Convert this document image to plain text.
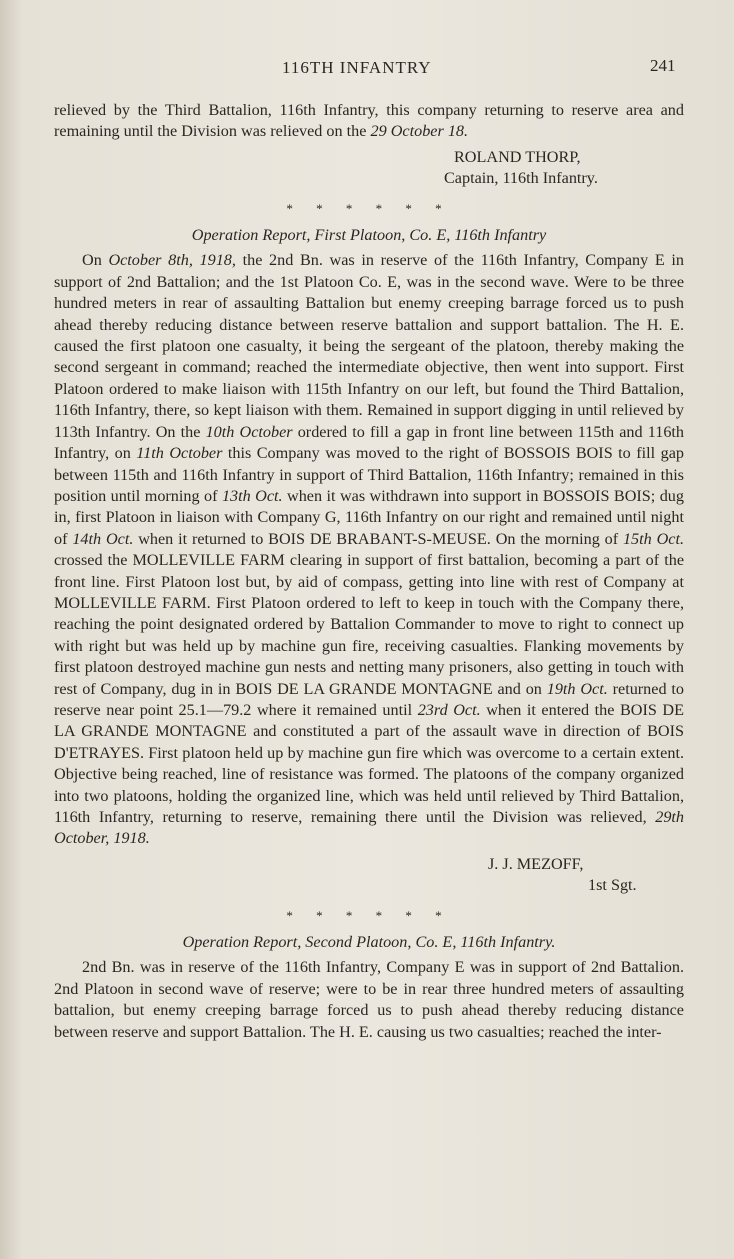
116TH INFANTRY	241

relieved by the Third Battalion, 116th Infantry, this company returning to reserve area and remaining until the Division was relieved on the 29 October 18.

ROLAND THORP,

Captain, 116th Infantry.

* * * * * *

Operation Report, First Platoon, Co. E, 116th Infantry

On October 8th, 1918, the 2nd Bn. was in reserve of the 116th Infantry, Company E in support of 2nd Battalion; and the 1st Platoon Co. E, was in the second wave. Were to be three hundred meters in rear of assaulting Battalion but enemy creeping barrage forced us to push ahead thereby reducing distance between reserve battalion and support battalion. The H. E. caused the first platoon one casualty, it being the sergeant of the platoon, thereby making the second sergeant in command; reached the intermediate objective, then went into support. First Platoon ordered to make liaison with 115th Infantry on our left, but found the Third Battalion, 116th Infantry, there, so kept liaison with them. Remained in support digging in until relieved by 113th Infantry. On the 10th October ordered to fill a gap in front line between 115th and 116th Infantry, on 11th October this Company was moved to the right of BOSSOIS BOIS to fill gap between 115th and 116th Infantry in support of Third Battalion, 116th Infantry; remained in this position until morning of 13th Oct. when it was withdrawn into support in BOSSOIS BOIS; dug in, first Platoon in liaison with Company G, 116th Infantry on our right and remained until night of 14th Oct. when it returned to BOIS DE BRABANT-S-MEUSE. On the morning of 15th Oct. crossed the MOLLEVILLE FARM clearing in support of first battalion, becoming a part of the front line. First Platoon lost but, by aid of compass, getting into line with rest of Company at MOLLEVILLE FARM. First Platoon ordered to left to keep in touch with the Company there, reaching the point designated ordered by Battalion Commander to move to right to connect up with right but was held up by machine gun fire, receiving casualties. Flanking movements by first platoon destroyed machine gun nests and netting many prisoners, also getting in touch with rest of Company, dug in in BOIS DE LA GRANDE MONTAGNE and on 19th Oct. returned to reserve near point 25.1—79.2 where it remained until 23rd Oct. when it entered the BOIS DE LA GRANDE MONTAGNE and constituted a part of the assault wave in direction of BOIS D'ETRAYES. First platoon held up by machine gun fire which was overcome to a certain extent. Objective being reached, line of resistance was formed. The platoons of the company organized into two platoons, holding the organized line, which was held until relieved by Third Battalion, 116th Infantry, returning to reserve, remaining there until the Division was relieved, 29th October, 1918.

J. J. MEZOFF,

1st Sgt.

* * * * * *

Operation Report, Second Platoon, Co. E, 116th Infantry.

2nd Bn. was in reserve of the 116th Infantry, Company E was in support of 2nd Battalion. 2nd Platoon in second wave of reserve; were to be in rear three hundred meters of assaulting battalion, but enemy creeping barrage forced us to push ahead thereby reducing distance between reserve and support Battalion. The H. E. causing us two casualties; reached the inter-
